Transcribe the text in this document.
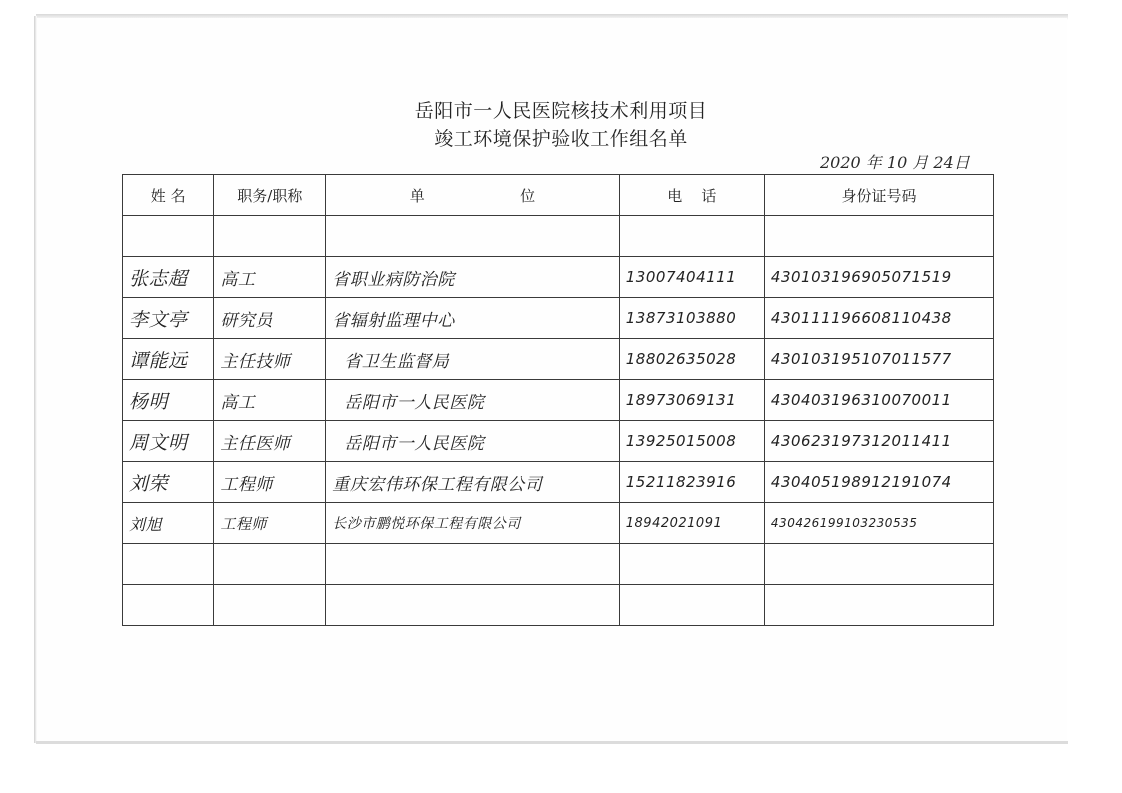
岳阳市一人民医院核技术利用项目
竣工环境保护验收工作组名单
2020 年 10 月 24日
姓 名	职务/职称	单                    位	电    话	身份证号码

张志超	高工	省职业病防治院	13007404111	430103196905071519
李文亭	研究员	省辐射监理中心	13873103880	430111196608110438
谭能远	主任技师	省卫生监督局	18802635028	430103195107011577
杨明	高工	岳阳市一人民医院	18973069131	430403196310070011
周文明	主任医师	岳阳市一人民医院	13925015008	430623197312011411
刘荣	工程师	重庆宏伟环保工程有限公司	15211823916	430405198912191074
刘旭	工程师	长沙市鹏悦环保工程有限公司	18942021091	430426199103230535
